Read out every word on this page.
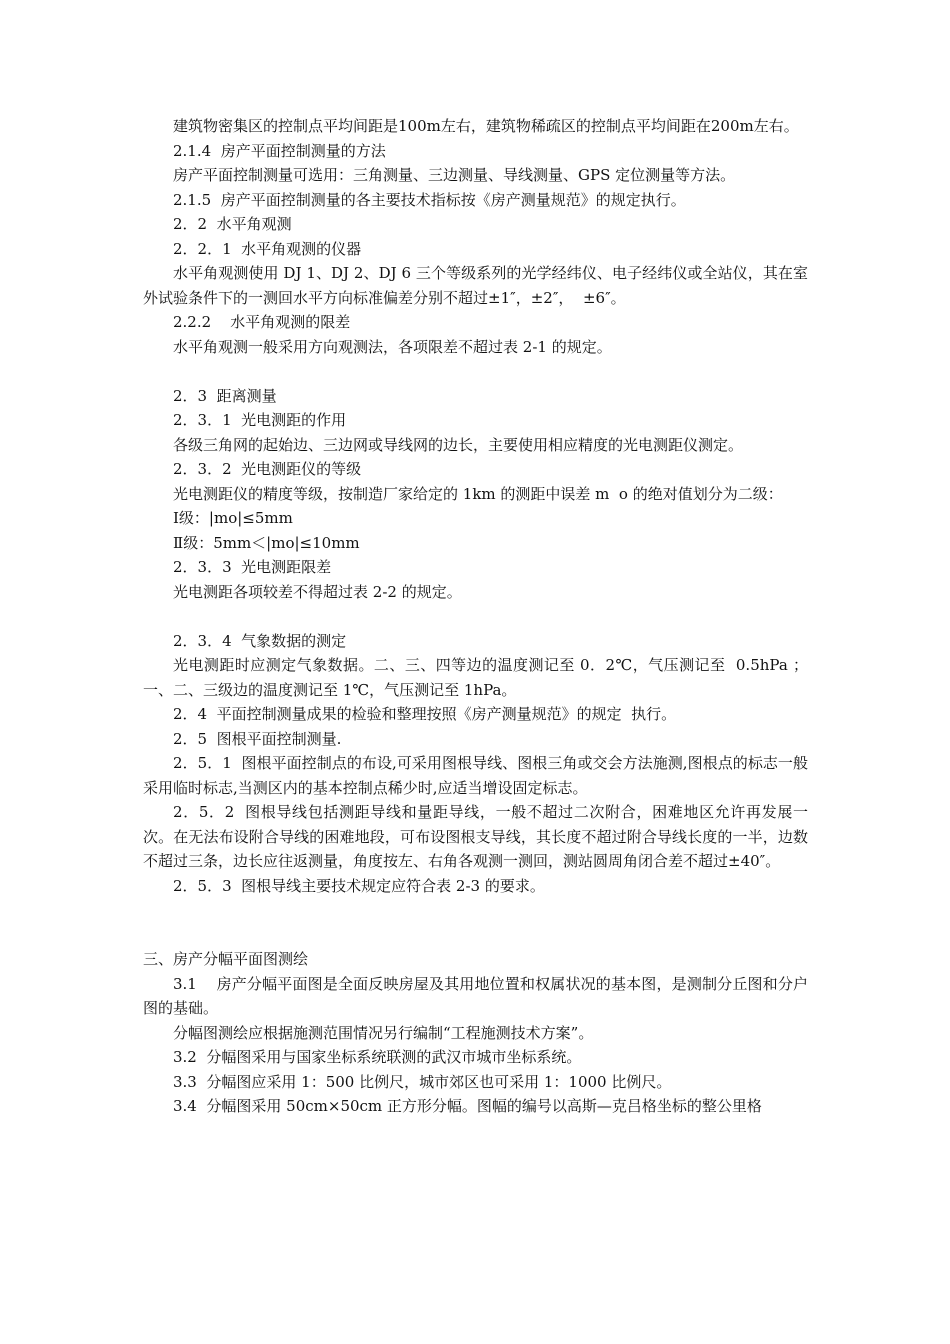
建筑物密集区的控制点平均间距是100m左右，建筑物稀疏区的控制点平均间距在200m左右。

2.1.4  房产平面控制测量的方法

房产平面控制测量可选用：三角测量、三边测量、导线测量、GPS 定位测量等方法。

2.1.5  房产平面控制测量的各主要技术指标按《房产测量规范》的规定执行。

2．2  水平角观测

2．2．1  水平角观测的仪器

水平角观测使用 DJ 1、DJ 2、DJ 6 三个等级系列的光学经纬仪、电子经纬仪或全站仪，其在室外试验条件下的一测回水平方向标准偏差分别不超过±1″，±2″，  ±6″。

2.2.2    水平角观测的限差

水平角观测一般采用方向观测法，各项限差不超过表 2-1 的规定。

2．3  距离测量

2．3．1  光电测距的作用

各级三角网的起始边、三边网或导线网的边长，主要使用相应精度的光电测距仪测定。

2．3．2  光电测距仪的等级

光电测距仪的精度等级，按制造厂家给定的 1km 的测距中误差 m  o 的绝对值划分为二级：

Ⅰ级：|mo|≤5mm

Ⅱ级：5mm＜|mo|≤10mm

2．3．3  光电测距限差

光电测距各项较差不得超过表 2-2 的规定。

2．3．4  气象数据的测定

光电测距时应测定气象数据。二、三、四等边的温度测记至 0．2℃，气压测记至  0.5hPa ；一、二、三级边的温度测记至 1℃，气压测记至 1hPa。

2．4  平面控制测量成果的检验和整理按照《房产测量规范》的规定  执行。

2．5  图根平面控制测量.

2．5．1  图根平面控制点的布设,可采用图根导线、图根三角或交会方法施测,图根点的标志一般采用临时标志,当测区内的基本控制点稀少时,应适当增设固定标志。

2．5．2  图根导线包括测距导线和量距导线，一般不超过二次附合，困难地区允许再发展一次。在无法布设附合导线的困难地段，可布设图根支导线，其长度不超过附合导线长度的一半，边数不超过三条，边长应往返测量，角度按左、右角各观测一测回，测站圆周角闭合差不超过±40″。

2．5．3  图根导线主要技术规定应符合表 2-3 的要求。

三、房产分幅平面图测绘

3.1    房产分幅平面图是全面反映房屋及其用地位置和权属状况的基本图，是测制分丘图和分户图的基础。

分幅图测绘应根据施测范围情况另行编制“工程施测技术方案”。

3.2  分幅图采用与国家坐标系统联测的武汉市城市坐标系统。

3.3  分幅图应采用 1：500 比例尺，城市郊区也可采用 1：1000 比例尺。

3.4  分幅图采用 50cm×50cm 正方形分幅。图幅的编号以高斯—克吕格坐标的整公里格
